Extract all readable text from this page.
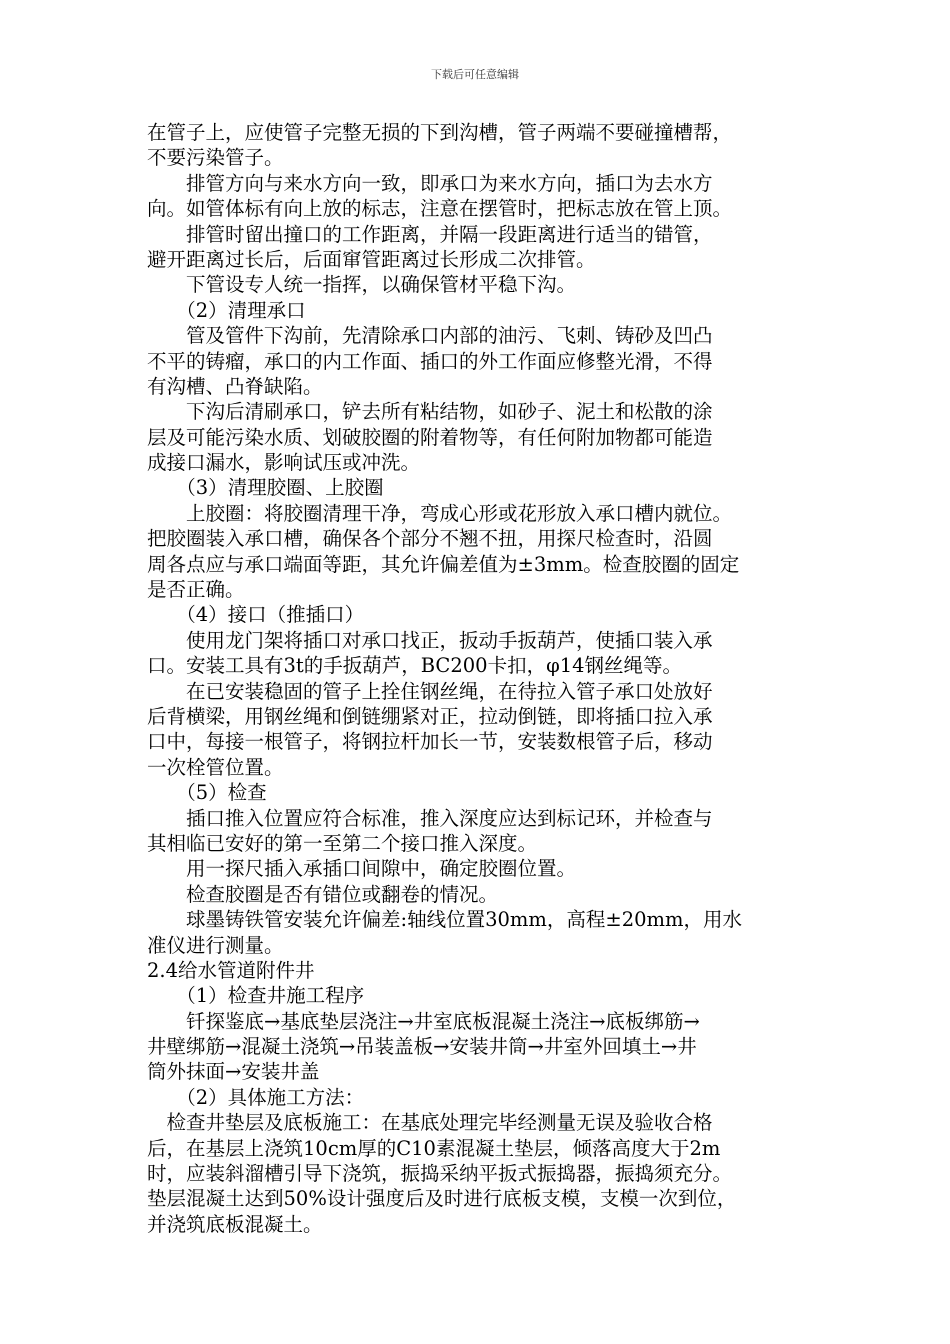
下载后可任意编辑
在管子上，应使管子完整无损的下到沟槽，管子两端不要碰撞槽帮，
不要污染管子。
　　排管方向与来水方向一致，即承口为来水方向，插口为去水方
向。如管体标有向上放的标志，注意在摆管时，把标志放在管上顶。
　　排管时留出撞口的工作距离，并隔一段距离进行适当的错管，
避开距离过长后，后面窜管距离过长形成二次排管。
　　下管设专人统一指挥，以确保管材平稳下沟。
　　（2）清理承口
　　管及管件下沟前，先清除承口内部的油污、飞刺、铸砂及凹凸
不平的铸瘤，承口的内工作面、插口的外工作面应修整光滑，不得
有沟槽、凸脊缺陷。
　　下沟后清刷承口，铲去所有粘结物，如砂子、泥土和松散的涂
层及可能污染水质、划破胶圈的附着物等，有任何附加物都可能造
成接口漏水，影响试压或冲洗。
　　（3）清理胶圈、上胶圈
　　上胶圈：将胶圈清理干净，弯成心形或花形放入承口槽内就位。
把胶圈装入承口槽，确保各个部分不翘不扭，用探尺检查时，沿圆
周各点应与承口端面等距，其允许偏差值为±3mm。检查胶圈的固定
是否正确。
　　（4）接口（推插口）
　　使用龙门架将插口对承口找正，扳动手扳葫芦，使插口装入承
口。安装工具有3t的手扳葫芦，BC200卡扣，φ14钢丝绳等。
　　在已安装稳固的管子上拴住钢丝绳，在待拉入管子承口处放好
后背横梁，用钢丝绳和倒链绷紧对正，拉动倒链，即将插口拉入承
口中，每接一根管子，将钢拉杆加长一节，安装数根管子后，移动
一次栓管位置。
　　（5）检查
　　插口推入位置应符合标准，推入深度应达到标记环，并检查与
其相临已安好的第一至第二个接口推入深度。
　　用一探尺插入承插口间隙中，确定胶圈位置。
　　检查胶圈是否有错位或翻卷的情况。
　　球墨铸铁管安装允许偏差:轴线位置30mm，高程±20mm，用水
准仪进行测量。
2.4给水管道附件井
　　（1）检查井施工程序
　　钎探鉴底→基底垫层浇注→井室底板混凝土浇注→底板绑筋→
井壁绑筋→混凝土浇筑→吊装盖板→安装井筒→井室外回填土→井
筒外抹面→安装井盖
　　（2）具体施工方法：
　检查井垫层及底板施工：在基底处理完毕经测量无误及验收合格
后，在基层上浇筑10cm厚的C10素混凝土垫层，倾落高度大于2m
时，应装斜溜槽引导下浇筑，振捣采纳平扳式振捣器，振捣须充分。
垫层混凝土达到50%设计强度后及时进行底板支模，支模一次到位，
并浇筑底板混凝土。
